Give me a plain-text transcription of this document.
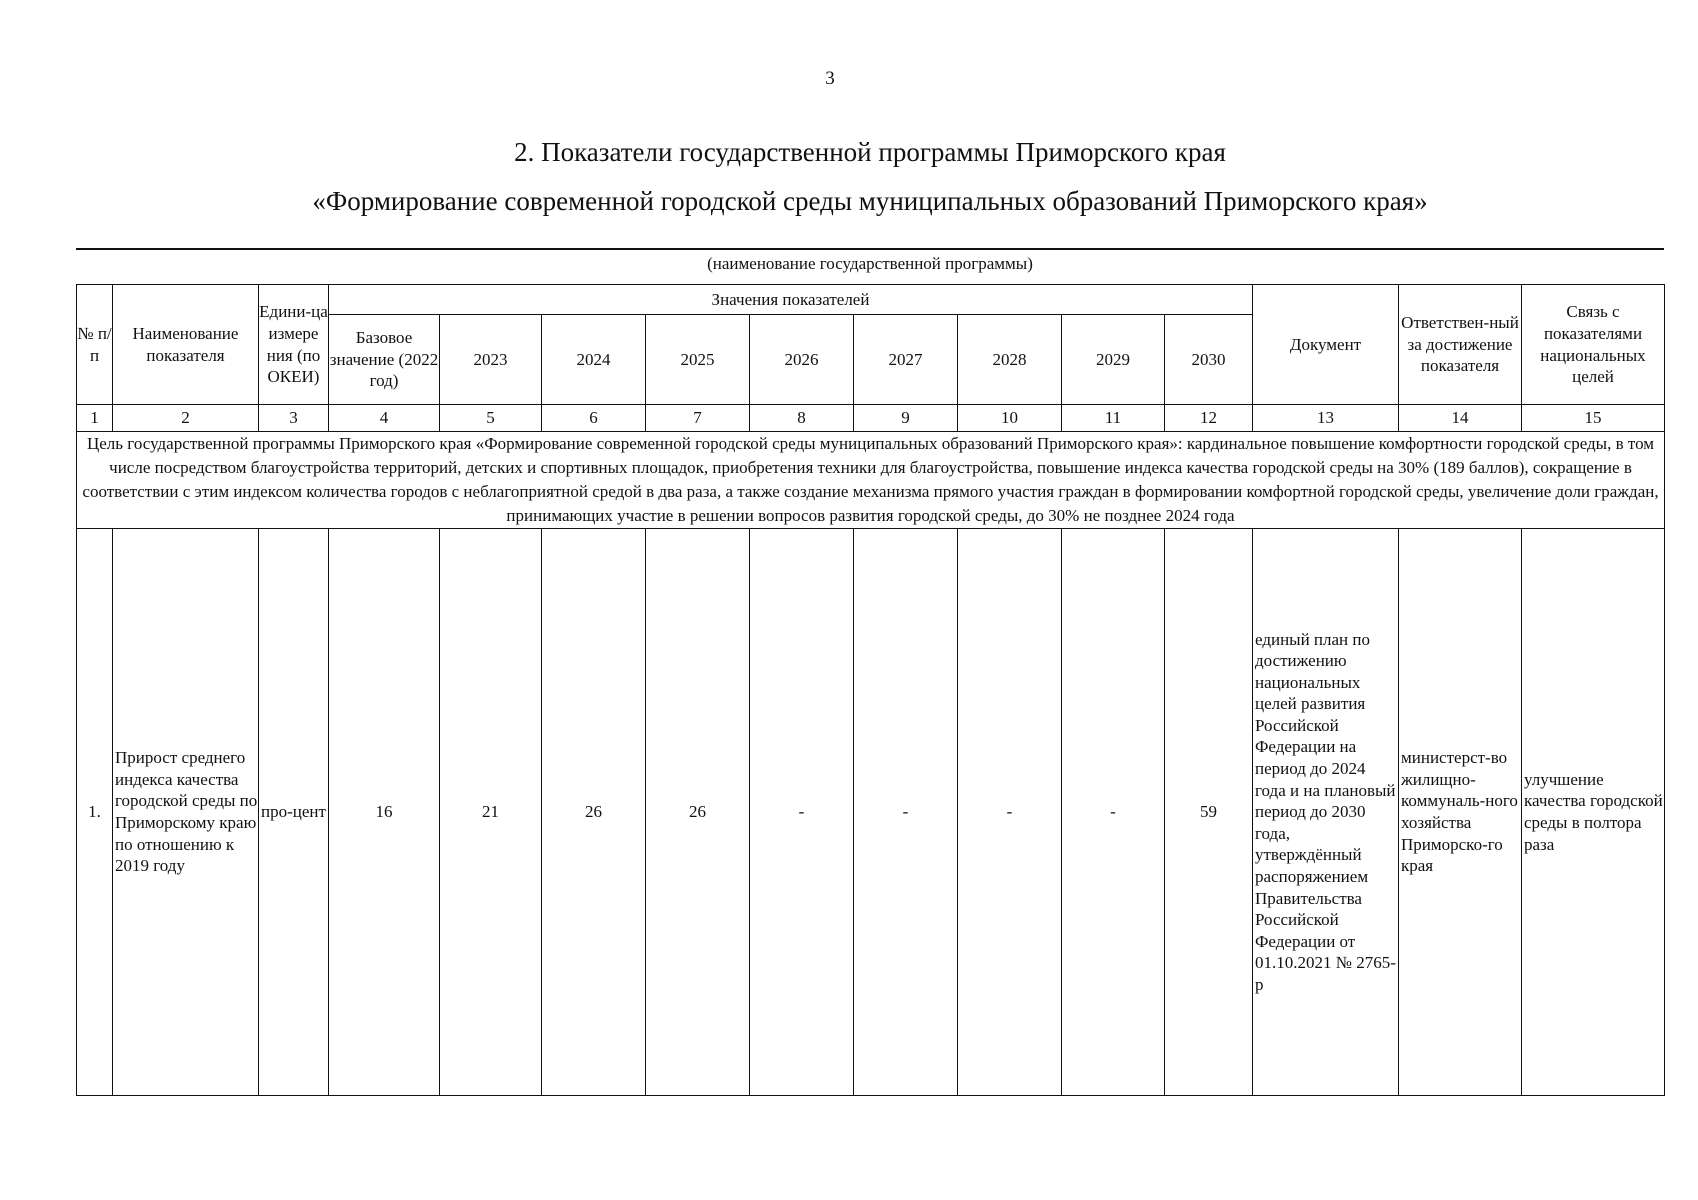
3
2. Показатели государственной программы Приморского края
«Формирование современной городской среды муниципальных образований Приморского края»
(наименование государственной программы)
№ п/п	Наименование показателя	Едини-ца измере ния (по ОКЕИ)	Значения показателей									Документ	Ответствен-ный за достижение показателя	Связь с показателями национальных целей
			Базовое значение (2022 год)	2023	2024	2025	2026	2027	2028	2029	2030			
1	2	3	4	5	6	7	8	9	10	11	12	13	14	15
Цель государственной программы Приморского края «Формирование современной городской среды муниципальных образований Приморского края»: кардинальное повышение комфортности городской среды, в том числе посредством благоустройства территорий, детских и спортивных площадок, приобретения техники для благоустройства, повышение индекса качества городской среды на 30% (189 баллов), сокращение в соответствии с этим индексом количества городов с неблагоприятной средой в два раза, а также создание механизма прямого участия граждан в формировании комфортной городской среды, увеличение доли граждан, принимающих участие в решении вопросов развития городской среды, до 30% не позднее 2024 года														
1.	Прирост среднего индекса качества городской среды по Приморскому краю по отношению к 2019 году	про-цент	16	21	26	26	-	-	-	-	59	единый план по достижению национальных целей развития Российской Федерации на период до 2024 года и на плановый период до 2030 года, утверждённый распоряжением Правительства Российской Федерации от 01.10.2021 № 2765-р	министерст-во жилищно-коммуналь-ного хозяйства Приморско-го края	улучшение качества городской среды в полтора раза
